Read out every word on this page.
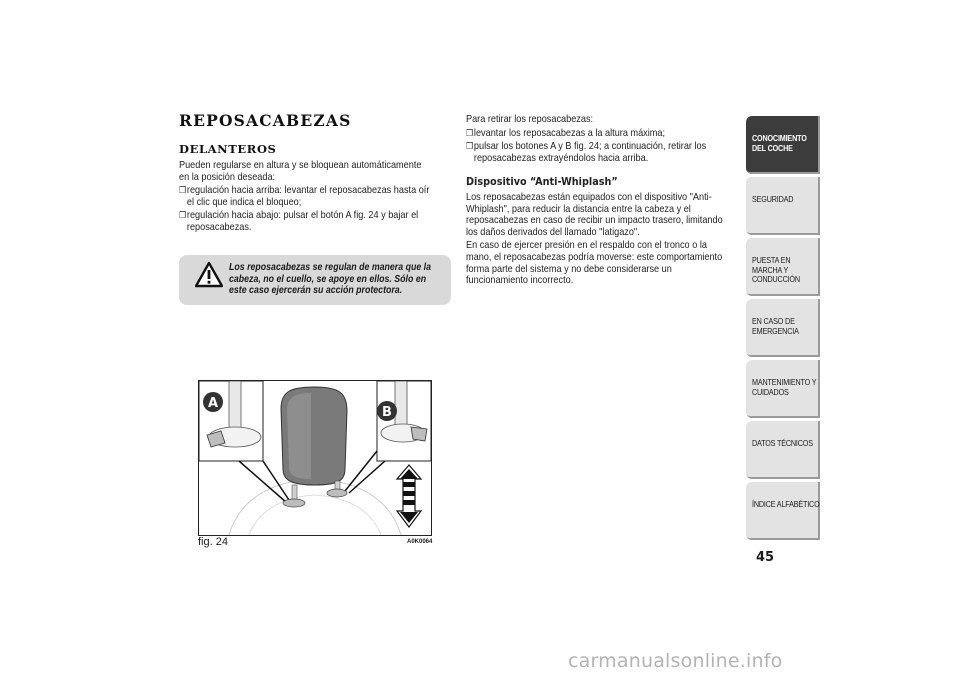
REPOSACABEZAS
DELANTEROS

Pueden regularse en altura y se bloquean automáticamente en la posición deseada:

❒ regulación hacia arriba: levantar el reposacabezas hasta oír el clic que indica el bloqueo;
❒ regulación hacia abajo: pulsar el botón A fig. 24 y bajar el reposacabezas.
Los reposacabezas se regulan de manera que la cabeza, no el cuello, se apoye en ellos. Sólo en este caso ejercerán su acción protectora.
A
B
fig. 24	A0K0064

Para retirar los reposacabezas:

❒ levantar los reposacabezas a la altura máxima;
❒ pulsar los botones A y B fig. 24; a continuación, retirar los reposacabezas extrayéndolos hacia arriba.
Dispositivo “Anti-Whiplash”

Los reposacabezas están equipados con el dispositivo "Anti-Whiplash", para reducir la distancia entre la cabeza y el reposacabezas en caso de recibir un impacto trasero, limitando los daños derivados del llamado "latigazo".

En caso de ejercer presión en el respaldo con el tronco o la mano, el reposacabezas podría moverse: este comportamiento forma parte del sistema y no debe considerarse un funcionamiento incorrecto.

CONOCIMIENTO DEL COCHE
SEGURIDAD
PUESTA EN MARCHA Y CONDUCCIÓN
EN CASO DE EMERGENCIA
MANTENIMIENTO Y CUIDADOS
DATOS TÉCNICOS
ÍNDICE ALFABÉTICO
45
carmanualsonline.info
